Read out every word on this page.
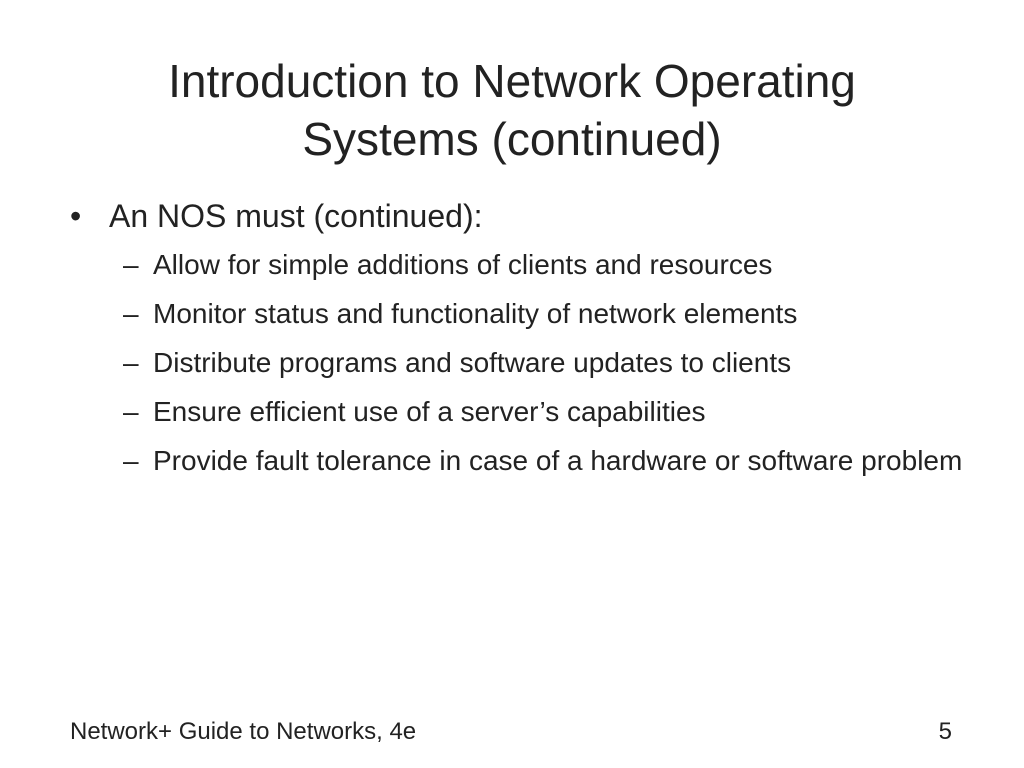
Introduction to Network Operating
Systems (continued)
• An NOS must (continued):
– Allow for simple additions of clients and resources
– Monitor status and functionality of network elements
– Distribute programs and software updates to clients
– Ensure efficient use of a server’s capabilities
– Provide fault tolerance in case of a hardware or software problem
Network+ Guide to Networks, 4e	5
